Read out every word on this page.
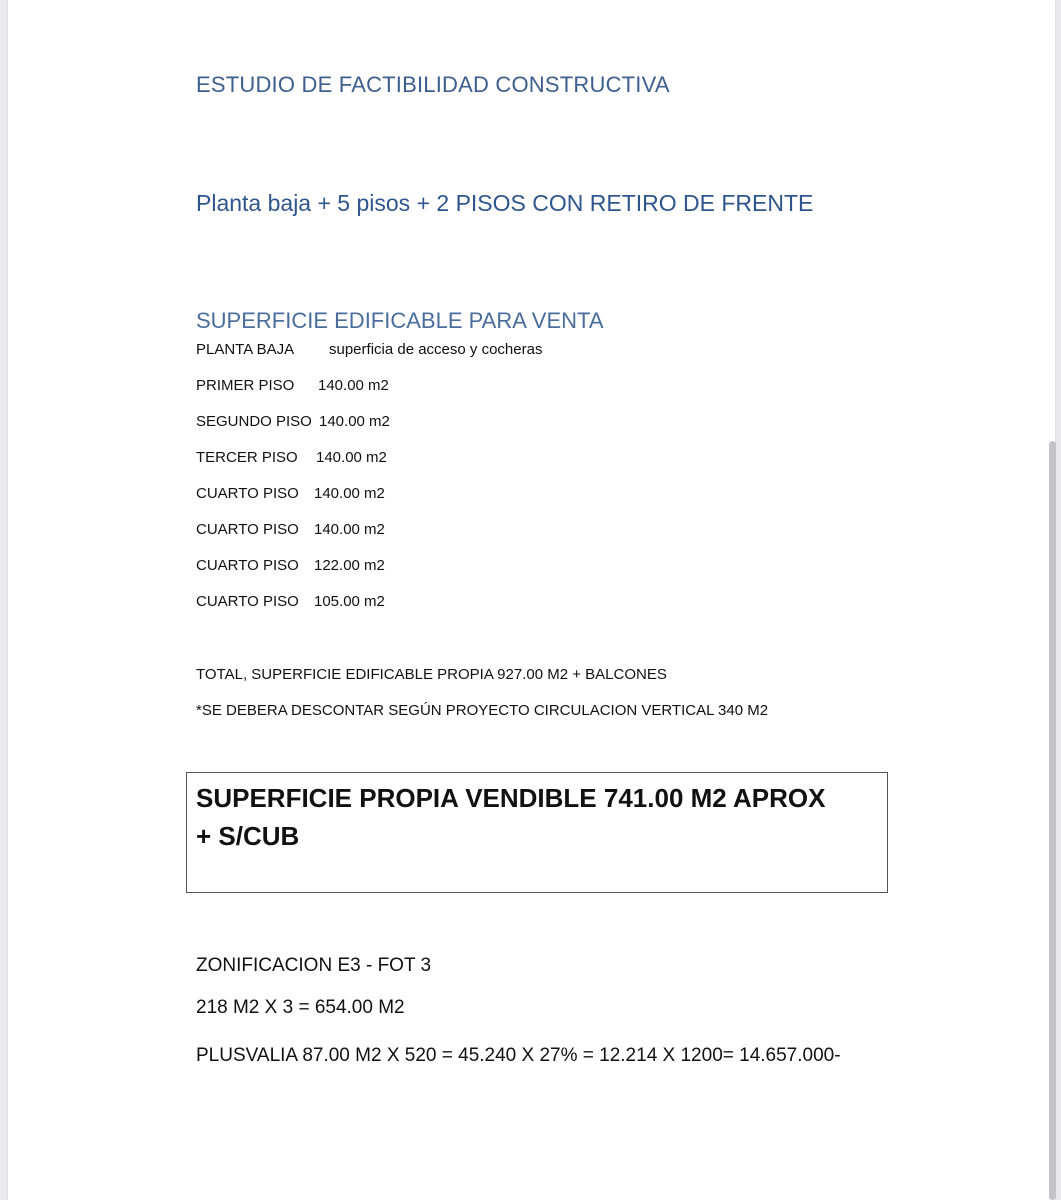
ESTUDIO DE FACTIBILIDAD CONSTRUCTIVA
Planta baja + 5 pisos + 2 PISOS CON RETIRO DE FRENTE
SUPERFICIE EDIFICABLE PARA VENTA
PLANTA BAJA superficia de acceso y cocheras
PRIMER PISO 140.00 m2
SEGUNDO PISO 140.00 m2
TERCER PISO 140.00 m2
CUARTO PISO 140.00 m2
CUARTO PISO 140.00 m2
CUARTO PISO 122.00 m2
CUARTO PISO 105.00 m2
TOTAL, SUPERFICIE EDIFICABLE PROPIA 927.00 M2 + BALCONES
*SE DEBERA DESCONTAR SEGÚN PROYECTO CIRCULACION VERTICAL 340 M2
SUPERFICIE PROPIA VENDIBLE 741.00 M2 APROX + S/CUB
ZONIFICACION E3 - FOT 3
218 M2 X 3 = 654.00 M2
PLUSVALIA 87.00 M2 X 520 = 45.240 X 27% = 12.214 X 1200= 14.657.000-
